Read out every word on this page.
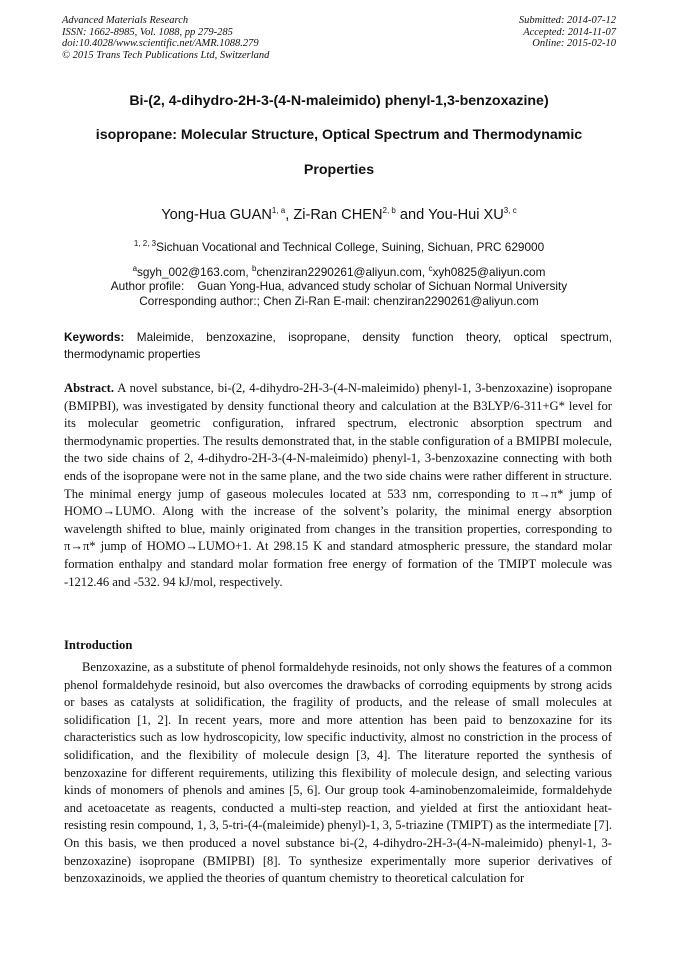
Advanced Materials Research
ISSN: 1662-8985, Vol. 1088, pp 279-285
doi:10.4028/www.scientific.net/AMR.1088.279
© 2015 Trans Tech Publications Ltd, Switzerland
Submitted: 2014-07-12
Accepted: 2014-11-07
Online: 2015-02-10
Bi-(2, 4-dihydro-2H-3-(4-N-maleimido) phenyl-1,3-benzoxazine)
isopropane: Molecular Structure, Optical Spectrum and Thermodynamic
Properties
Yong-Hua GUAN$^{1, a}$, Zi-Ran CHEN$^{2, b}$ and You-Hui XU$^{3, c}$
$^{1, 2, 3}$Sichuan Vocational and Technical College, Suining, Sichuan, PRC 629000
$^a$sgyh_002@163.com, $^b$chenziran2290261@aliyun.com, $^c$xyh0825@aliyun.com
Author profile:    Guan Yong-Hua, advanced study scholar of Sichuan Normal University
Corresponding author:; Chen Zi-Ran E-mail: chenziran2290261@aliyun.com
Keywords: Maleimide, benzoxazine, isopropane, density function theory, optical spectrum, thermodynamic properties
Abstract. A novel substance, bi-(2, 4-dihydro-2H-3-(4-N-maleimido) phenyl-1, 3-benzoxazine) isopropane (BMIPBI), was investigated by density functional theory and calculation at the B3LYP/6-311+G* level for its molecular geometric configuration, infrared spectrum, electronic absorption spectrum and thermodynamic properties. The results demonstrated that, in the stable configuration of a BMIPBI molecule, the two side chains of 2, 4-dihydro-2H-3-(4-N-maleimido) phenyl-1, 3-benzoxazine connecting with both ends of the isopropane were not in the same plane, and the two side chains were rather different in structure. The minimal energy jump of gaseous molecules located at 533 nm, corresponding to π→π* jump of HOMO→LUMO. Along with the increase of the solvent’s polarity, the minimal energy absorption wavelength shifted to blue, mainly originated from changes in the transition properties, corresponding to π→π* jump of HOMO→LUMO+1. At 298.15 K and standard atmospheric pressure, the standard molar formation enthalpy and standard molar formation free energy of formation of the TMIPT molecule was -1212.46 and -532. 94 kJ/mol, respectively.
Introduction
Benzoxazine, as a substitute of phenol formaldehyde resinoids, not only shows the features of a common phenol formaldehyde resinoid, but also overcomes the drawbacks of corroding equipments by strong acids or bases as catalysts at solidification, the fragility of products, and the release of small molecules at solidification [1, 2]. In recent years, more and more attention has been paid to benzoxazine for its characteristics such as low hydroscopicity, low specific inductivity, almost no constriction in the process of solidification, and the flexibility of molecule design [3, 4]. The literature reported the synthesis of benzoxazine for different requirements, utilizing this flexibility of molecule design, and selecting various kinds of monomers of phenols and amines [5, 6]. Our group took 4-aminobenzomaleimide, formaldehyde and acetoacetate as reagents, conducted a multi-step reaction, and yielded at first the antioxidant heat-resisting resin compound, 1, 3, 5-tri-(4-(maleimide) phenyl)-1, 3, 5-triazine (TMIPT) as the intermediate [7]. On this basis, we then produced a novel substance bi-(2, 4-dihydro-2H-3-(4-N-maleimido) phenyl-1, 3- benzoxazine) isopropane (BMIPBI) [8]. To synthesize experimentally more superior derivatives of benzoxazinoids, we applied the theories of quantum chemistry to theoretical calculation for
